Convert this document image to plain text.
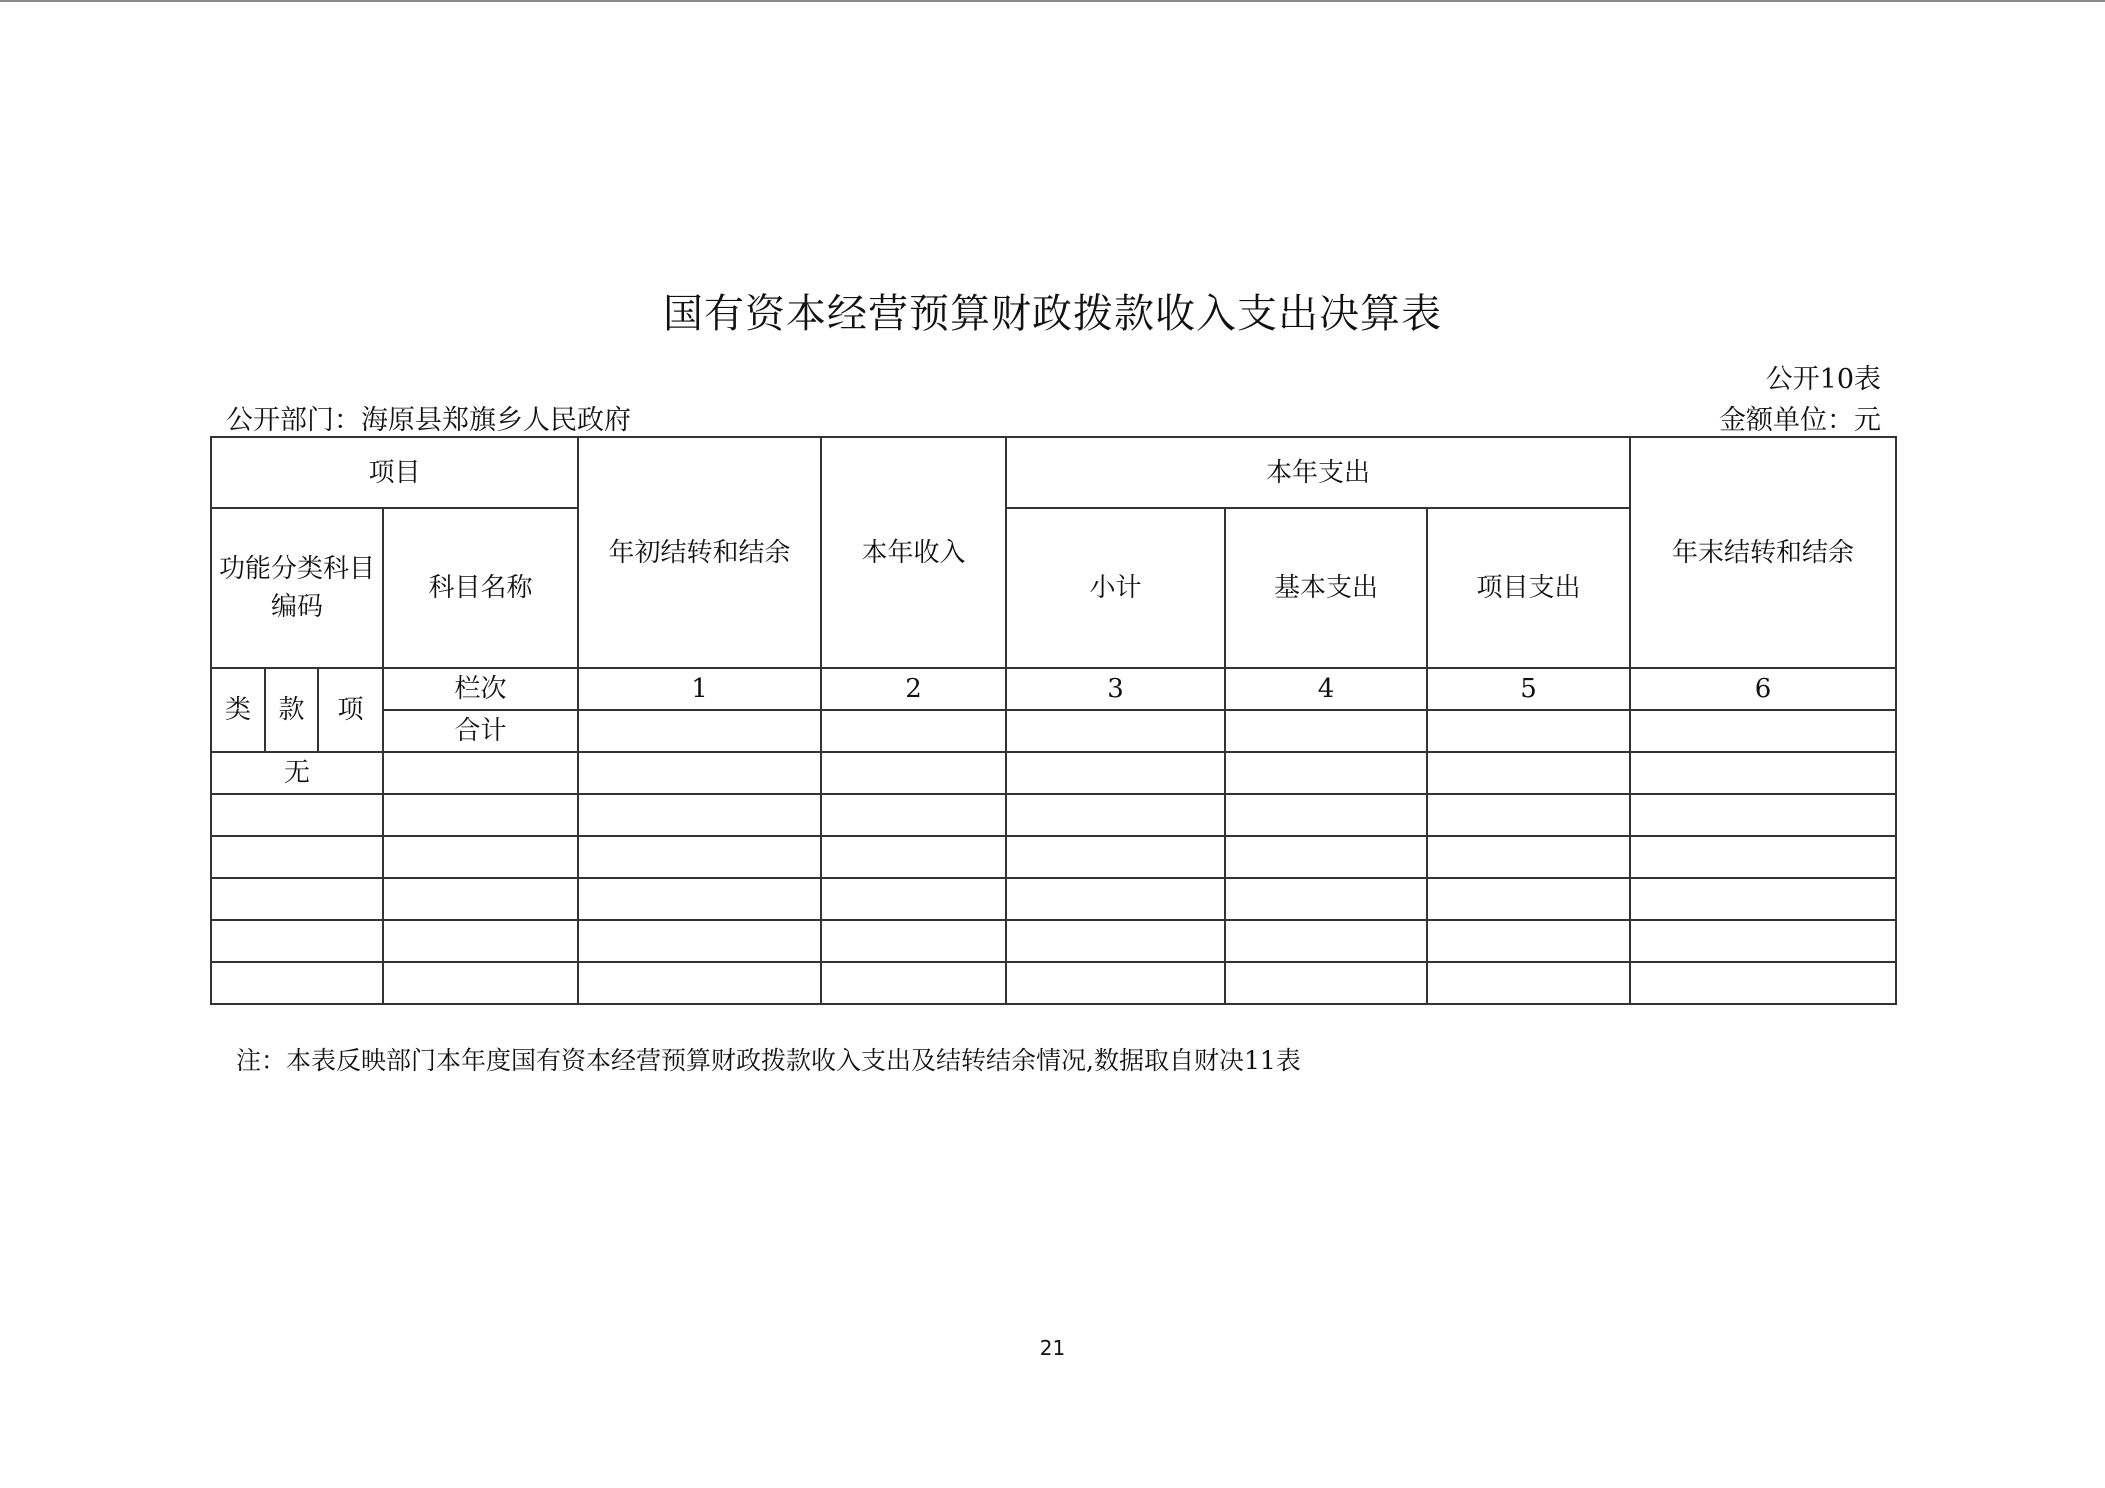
国有资本经营预算财政拨款收入支出决算表
公开10表
公开部门：海原县郑旗乡人民政府	金额单位：元
项目				年初结转和结余	本年收入	本年支出			年末结转和结余
功能分类科目编码			科目名称			小计	基本支出	项目支出	
类	款	项	栏次	1	2	3	4	5	6
			合计						
无									

注：本表反映部门本年度国有资本经营预算财政拨款收入支出及结转结余情况,数据取自财决11表
21
